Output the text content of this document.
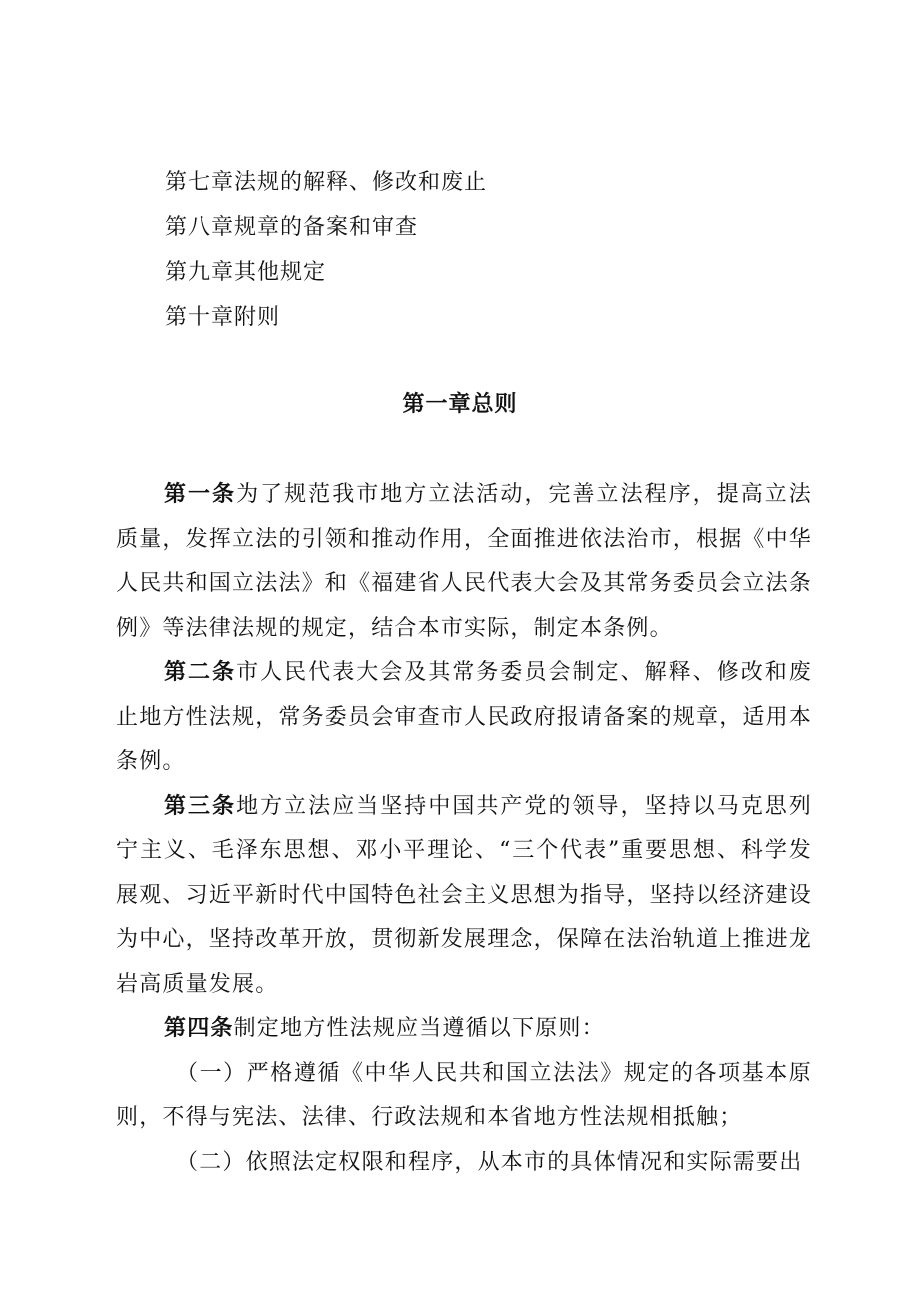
第七章法规的解释、修改和废止
第八章规章的备案和审查
第九章其他规定
第十章附则
第一章总则

第一条为了规范我市地方立法活动，完善立法程序，提高立法质量，发挥立法的引领和推动作用，全面推进依法治市，根据《中华人民共和国立法法》和《福建省人民代表大会及其常务委员会立法条例》等法律法规的规定，结合本市实际，制定本条例。

第二条市人民代表大会及其常务委员会制定、解释、修改和废止地方性法规，常务委员会审查市人民政府报请备案的规章，适用本条例。

第三条地方立法应当坚持中国共产党的领导，坚持以马克思列宁主义、毛泽东思想、邓小平理论、“三个代表”重要思想、科学发展观、习近平新时代中国特色社会主义思想为指导，坚持以经济建设为中心，坚持改革开放，贯彻新发展理念，保障在法治轨道上推进龙岩高质量发展。

第四条制定地方性法规应当遵循以下原则：

（一）严格遵循《中华人民共和国立法法》规定的各项基本原则，不得与宪法、法律、行政法规和本省地方性法规相抵触；

（二）依照法定权限和程序，从本市的具体情况和实际需要出
